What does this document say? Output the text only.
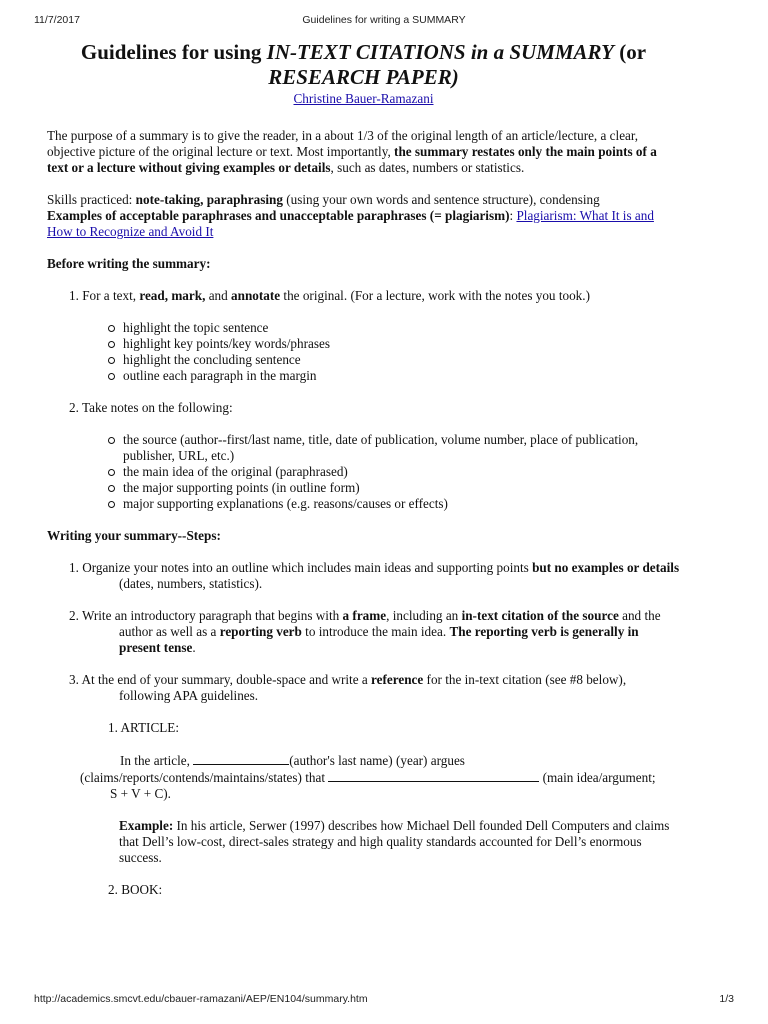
11/7/2017	Guidelines for writing a SUMMARY
Guidelines for using IN-TEXT CITATIONS in a SUMMARY (or
RESEARCH PAPER)
Christine Bauer-Ramazani

The purpose of a summary is to give the reader, in a about 1/3 of the original length of an article/lecture, a clear, objective picture of the original lecture or text. Most importantly, the summary restates only the main points of a text or a lecture without giving examples or details, such as dates, numbers or statistics.

Skills practiced: note-taking, paraphrasing (using your own words and sentence structure), condensing

Examples of acceptable paraphrases and unacceptable paraphrases (= plagiarism): Plagiarism: What It is and How to Recognize and Avoid It

Before writing the summary:

1. For a text, read, mark, and annotate the original. (For a lecture, work with the notes you took.)
highlight the topic sentence
highlight key points/key words/phrases
highlight the concluding sentence
outline each paragraph in the margin
2. Take notes on the following:
the source (author--first/last name, title, date of publication, volume number, place of publication, publisher, URL, etc.)
the main idea of the original (paraphrased)
the major supporting points (in outline form)
major supporting explanations (e.g. reasons/causes or effects)

Writing your summary--Steps:

1. Organize your notes into an outline which includes main ideas and supporting points but no examples or details (dates, numbers, statistics).
2. Write an introductory paragraph that begins with a frame, including an in-text citation of the source and the author as well as a reporting verb to introduce the main idea. The reporting verb is generally in present tense.
3. At the end of your summary, double-space and write a reference for the in-text citation (see #8 below), following APA guidelines.
1. ARTICLE:
In the article,	(author's last name) (year) argues (claims/reports/contends/maintains/states) that	(main idea/argument;
S + V + C).
Example: In his article, Serwer (1997) describes how Michael Dell founded Dell Computers and claims that Dell’s low-cost, direct-sales strategy and high quality standards accounted for Dell’s enormous success.
2. BOOK:
http://academics.smcvt.edu/cbauer-ramazani/AEP/EN104/summary.htm	1/3
